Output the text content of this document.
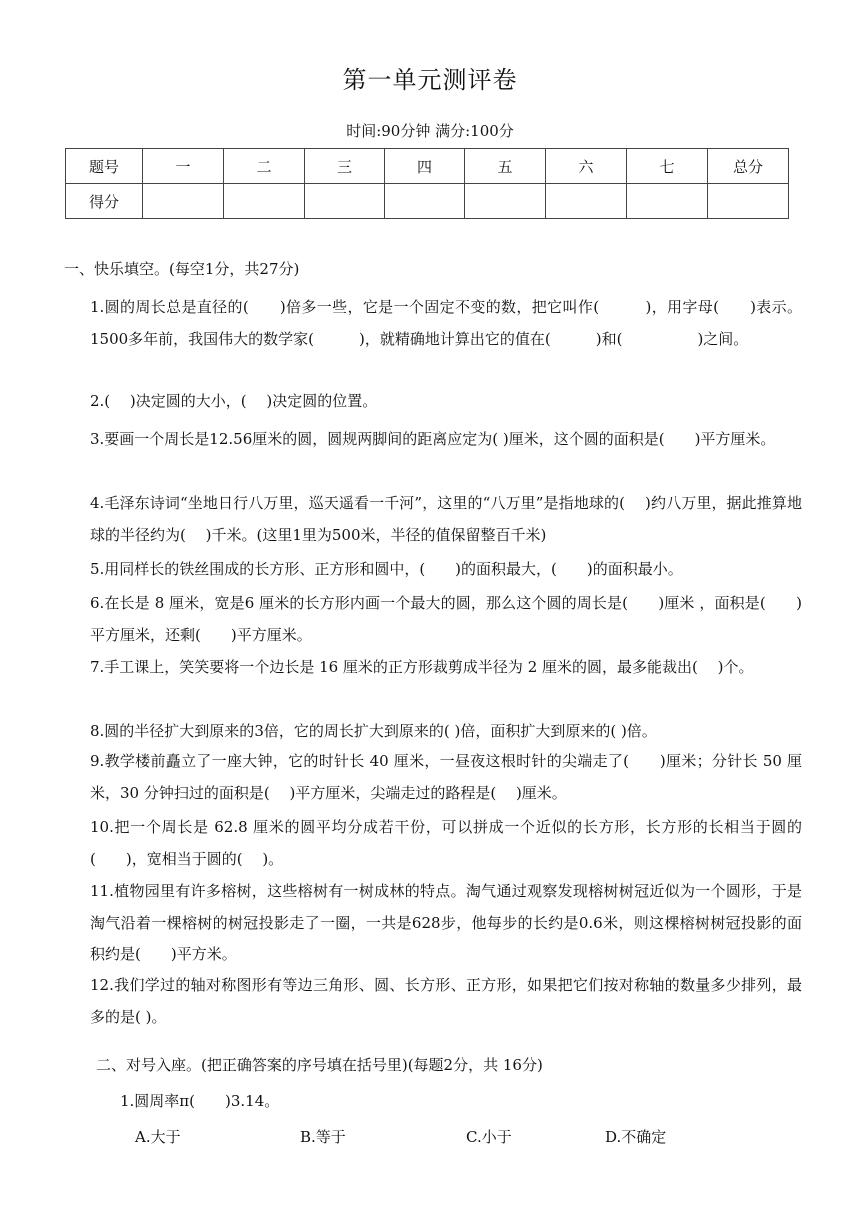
第一单元测评卷
时间:90分钟 满分:100分
题号	一	二	三	四	五	六	七	总分
得分								
一、快乐填空。(每空1分，共27分)
1.圆的周长总是直径的(　　)倍多一些，它是一个固定不变的数，把它叫作(　　　)，用字母(　　)表示。1500多年前，我国伟大的数学家(　　　)，就精确地计算出它的值在(　　　)和(　　　　　)之间。
2.(　 )决定圆的大小，(　 )决定圆的位置。
3.要画一个周长是12.56厘米的圆，圆规两脚间的距离应定为( )厘米，这个圆的面积是(　　)平方厘米。
4.毛泽东诗词“坐地日行八万里，巡天遥看一千河”，这里的“八万里”是指地球的(　 )约八万里，据此推算地球的半径约为(　 )千米。(这里1里为500米，半径的值保留整百千米)
5.用同样长的铁丝围成的长方形、正方形和圆中，(　　)的面积最大，(　　)的面积最小。
6.在长是 8 厘米，宽是6 厘米的长方形内画一个最大的圆，那么这个圆的周长是(　　)厘米 ，面积是(　　)平方厘米，还剩(　　)平方厘米。
7.手工课上，笑笑要将一个边长是 16 厘米的正方形裁剪成半径为 2 厘米的圆，最多能裁出( 　)个。
8.圆的半径扩大到原来的3倍，它的周长扩大到原来的( )倍，面积扩大到原来的( )倍。
9.教学楼前矗立了一座大钟，它的时针长 40 厘米，一昼夜这根时针的尖端走了(　　)厘米；分针长 50 厘米，30 分钟扫过的面积是(　 )平方厘米，尖端走过的路程是(　 )厘米。
10.把一个周长是 62.8 厘米的圆平均分成若干份，可以拼成一个近似的长方形，长方形的长相当于圆的(　　)，宽相当于圆的(　 )。
11.植物园里有许多榕树，这些榕树有一树成林的特点。淘气通过观察发现榕树树冠近似为一个圆形，于是淘气沿着一棵榕树的树冠投影走了一圈，一共是628步，他每步的长约是0.6米，则这棵榕树树冠投影的面积约是(　　)平方米。
12.我们学过的轴对称图形有等边三角形、圆、长方形、正方形，如果把它们按对称轴的数量多少排列，最多的是( )。
二、对号入座。(把正确答案的序号填在括号里)(每题2分，共 16分)
1.圆周率π(　　)3.14。
A.大于	B.等于	C.小于	D.不确定
